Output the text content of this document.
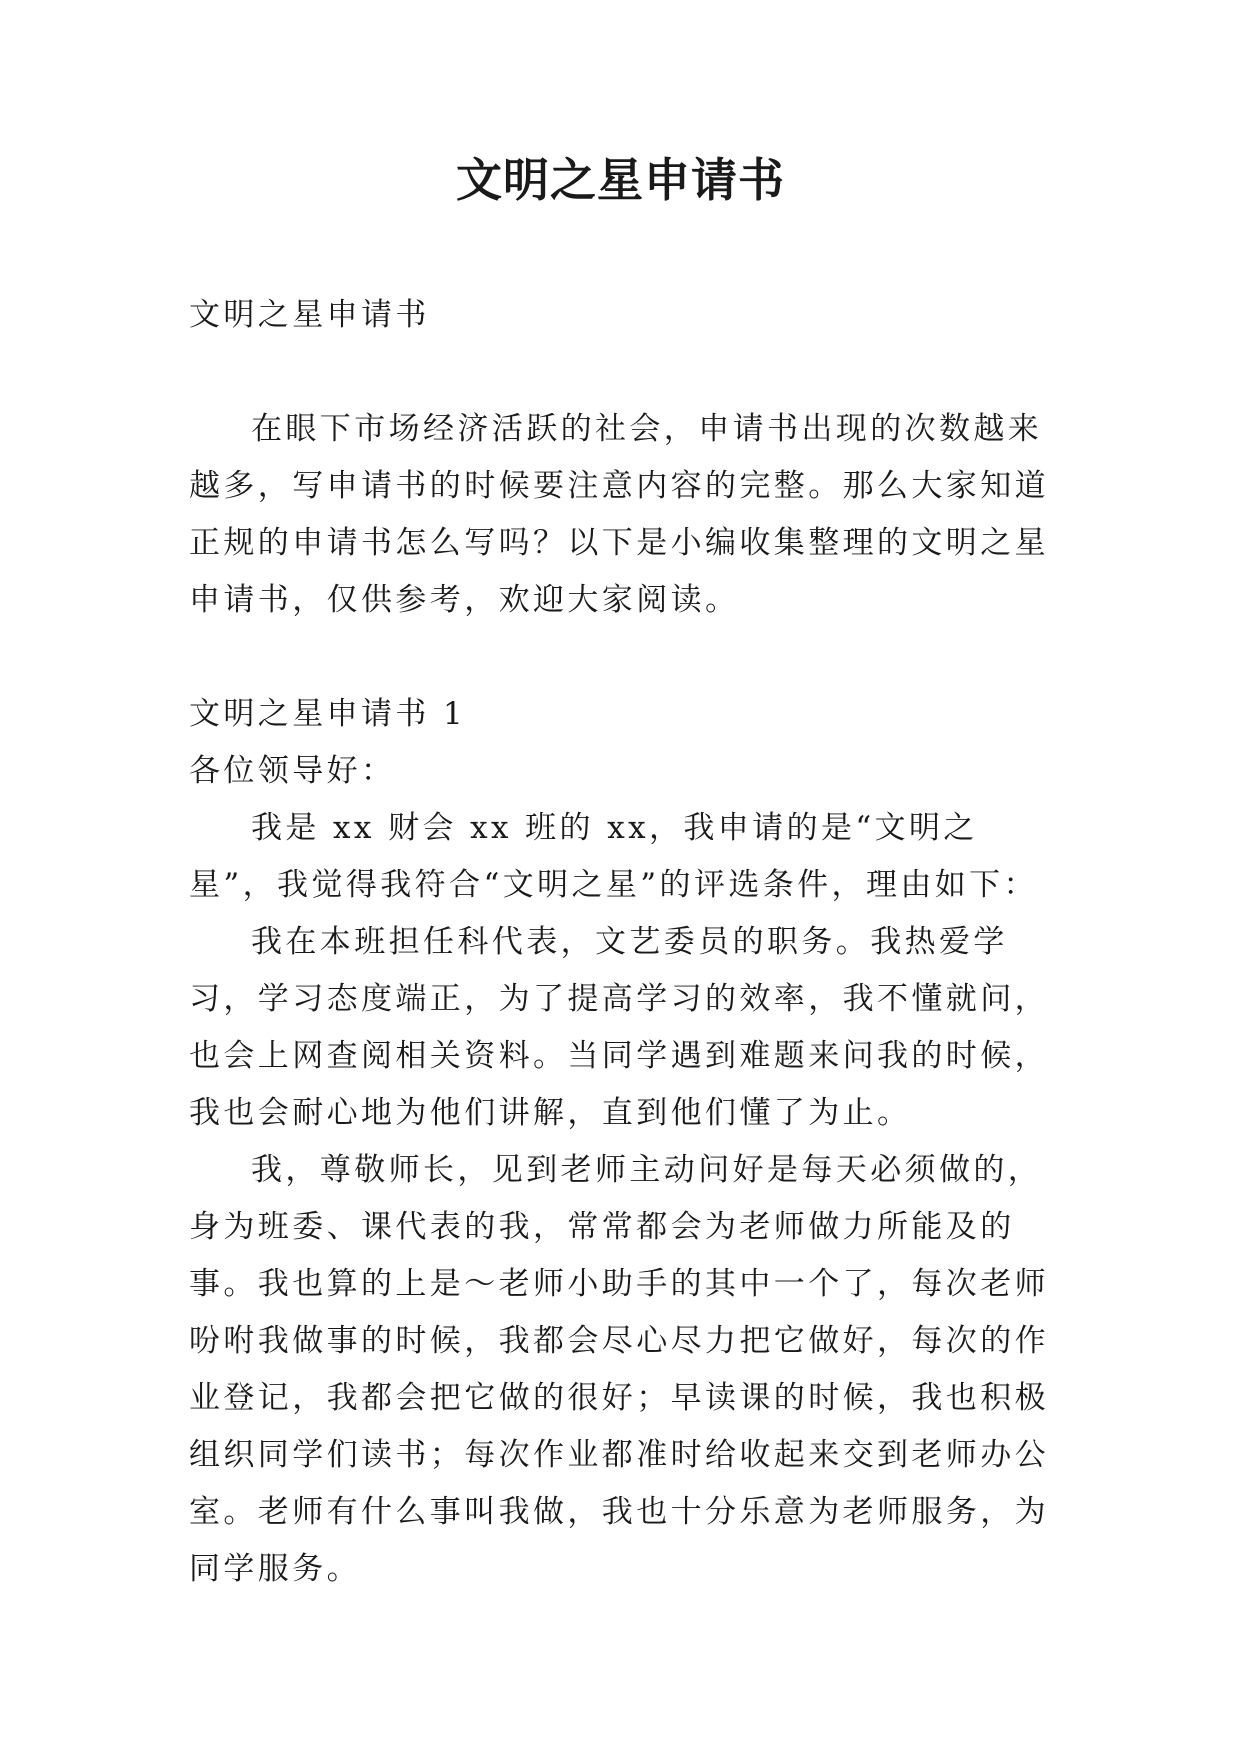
文明之星申请书

文明之星申请书

在眼下市场经济活跃的社会，申请书出现的次数越来越多，写申请书的时候要注意内容的完整。那么大家知道正规的申请书怎么写吗？以下是小编收集整理的文明之星申请书，仅供参考，欢迎大家阅读。

文明之星申请书 1

各位领导好：

我是 xx 财会 xx 班的 xx，我申请的是“文明之星”，我觉得我符合“文明之星”的评选条件，理由如下：

我在本班担任科代表，文艺委员的职务。我热爱学习，学习态度端正，为了提高学习的效率，我不懂就问，也会上网查阅相关资料。当同学遇到难题来问我的时候，我也会耐心地为他们讲解，直到他们懂了为止。

我，尊敬师长，见到老师主动问好是每天必须做的，身为班委、课代表的我，常常都会为老师做力所能及的事。我也算的上是～老师小助手的其中一个了，每次老师吩咐我做事的时候，我都会尽心尽力把它做好，每次的作业登记，我都会把它做的很好；早读课的时候，我也积极组织同学们读书；每次作业都准时给收起来交到老师办公室。老师有什么事叫我做，我也十分乐意为老师服务，为同学服务。
